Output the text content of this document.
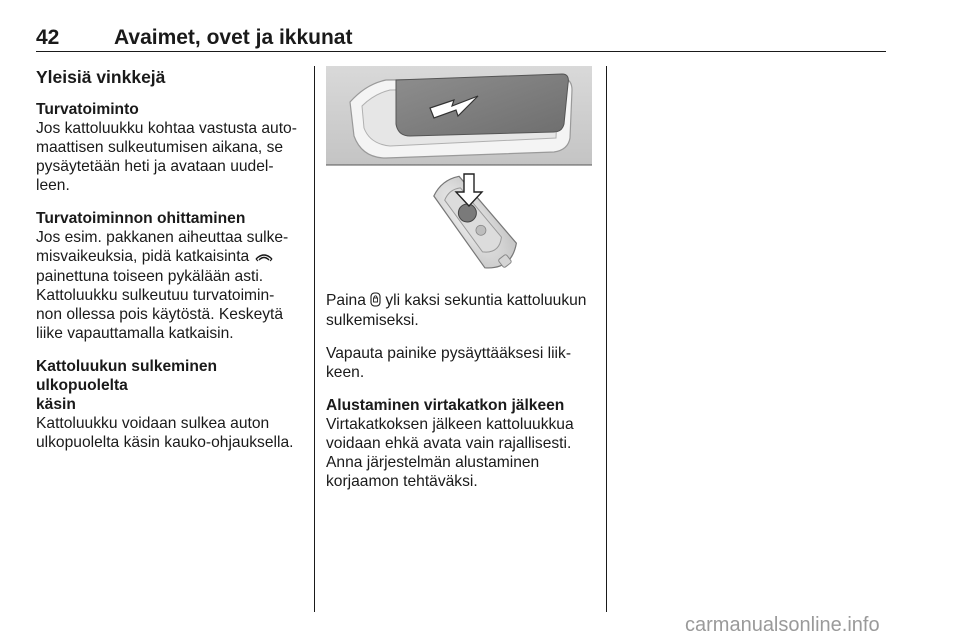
42	Avaimet, ovet ja ikkunat

Yleisiä vinkkejä

Turvatoiminto

Jos kattoluukku kohtaa vastusta auto-
maattisen sulkeutumisen aikana, se
pysäytetään heti ja avataan uudel-
leen.

Turvatoiminnon ohittaminen

Jos esim. pakkanen aiheuttaa sulke-
misvaikeuksia, pidä katkaisinta
painettuna toiseen pykälään asti.
Kattoluukku sulkeutuu turvatoimin-
non ollessa pois käytöstä. Keskeytä
liike vapauttamalla katkaisin.

Kattoluukun sulkeminen ulkopuolelta
käsin

Kattoluukku voidaan sulkea auton
ulkopuolelta käsin kauko-ohjauksella.
Paina yli kaksi sekuntia kattoluukun
sulkemiseksi.
Vapauta painike pysäyttääksesi liik-
keen.

Alustaminen virtakatkon jälkeen

Virtakatkoksen jälkeen kattoluukkua
voidaan ehkä avata vain rajallisesti.
Anna järjestelmän alustaminen
korjaamon tehtäväksi.
carmanualsonline.info
